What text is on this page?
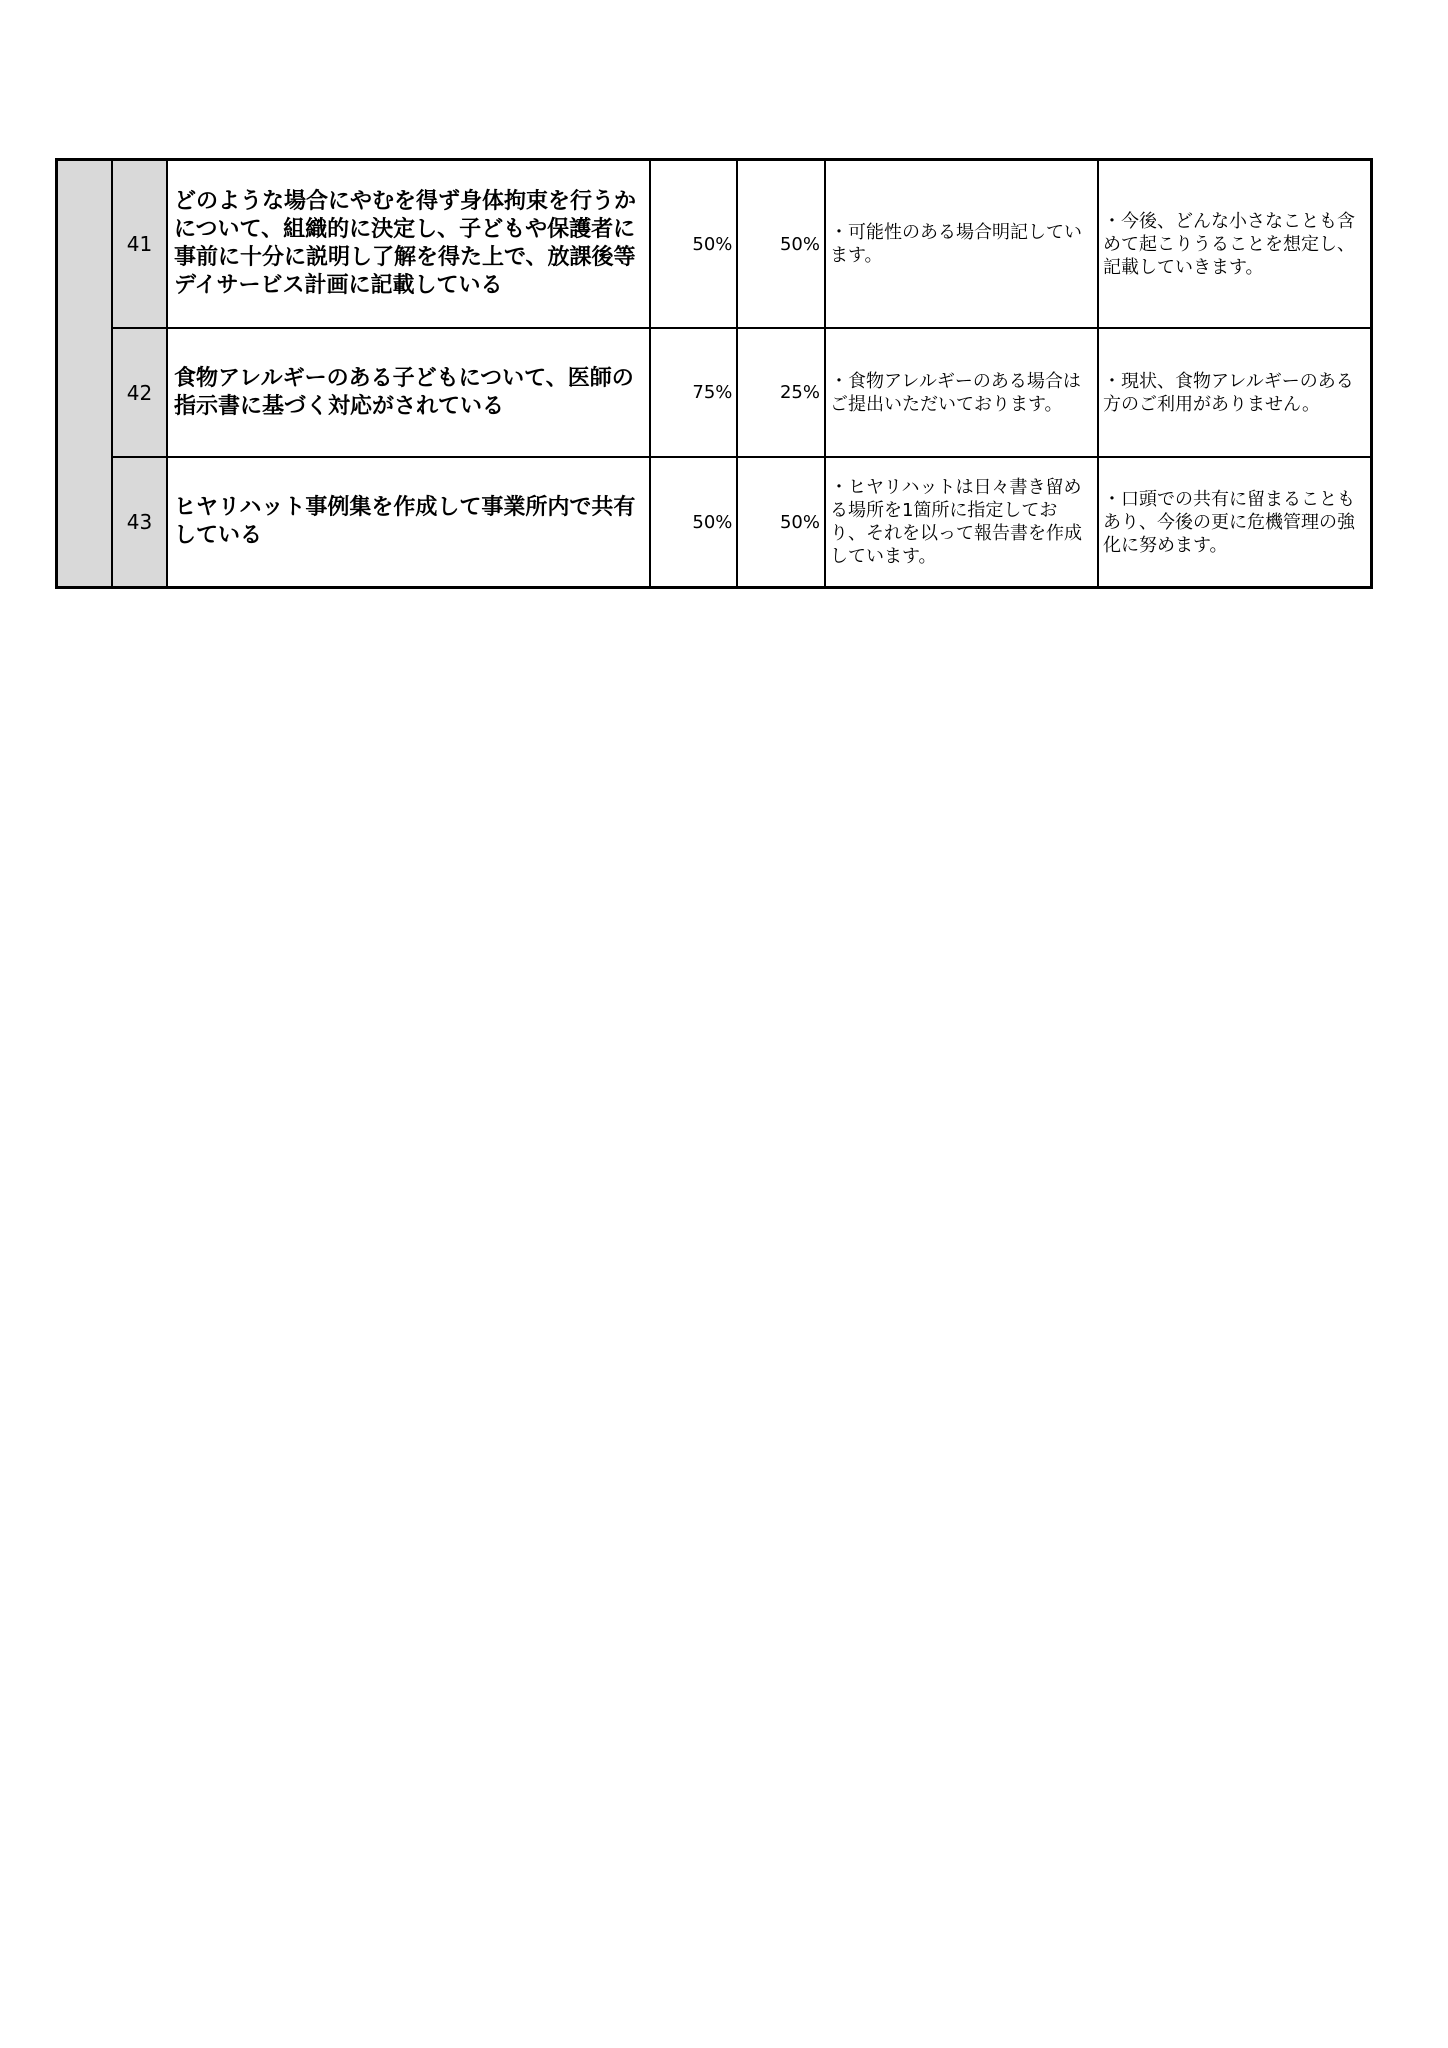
	41	どのような場合にやむを得ず身体拘束を行うかについて、組織的に決定し、子どもや保護者に事前に十分に説明し了解を得た上で、放課後等デイサービス計画に記載している	50%	50%	・可能性のある場合明記しています。	・今後、どんな小さなことも含めて起こりうることを想定し、記載していきます。
	42	食物アレルギーのある子どもについて、医師の指示書に基づく対応がされている	75%	25%	・食物アレルギーのある場合はご提出いただいております。	・現状、食物アレルギーのある方のご利用がありません。
	43	ヒヤリハット事例集を作成して事業所内で共有している	50%	50%	・ヒヤリハットは日々書き留める場所を1箇所に指定しており、それを以って報告書を作成しています。	・口頭での共有に留まることもあり、今後の更に危機管理の強化に努めます。
